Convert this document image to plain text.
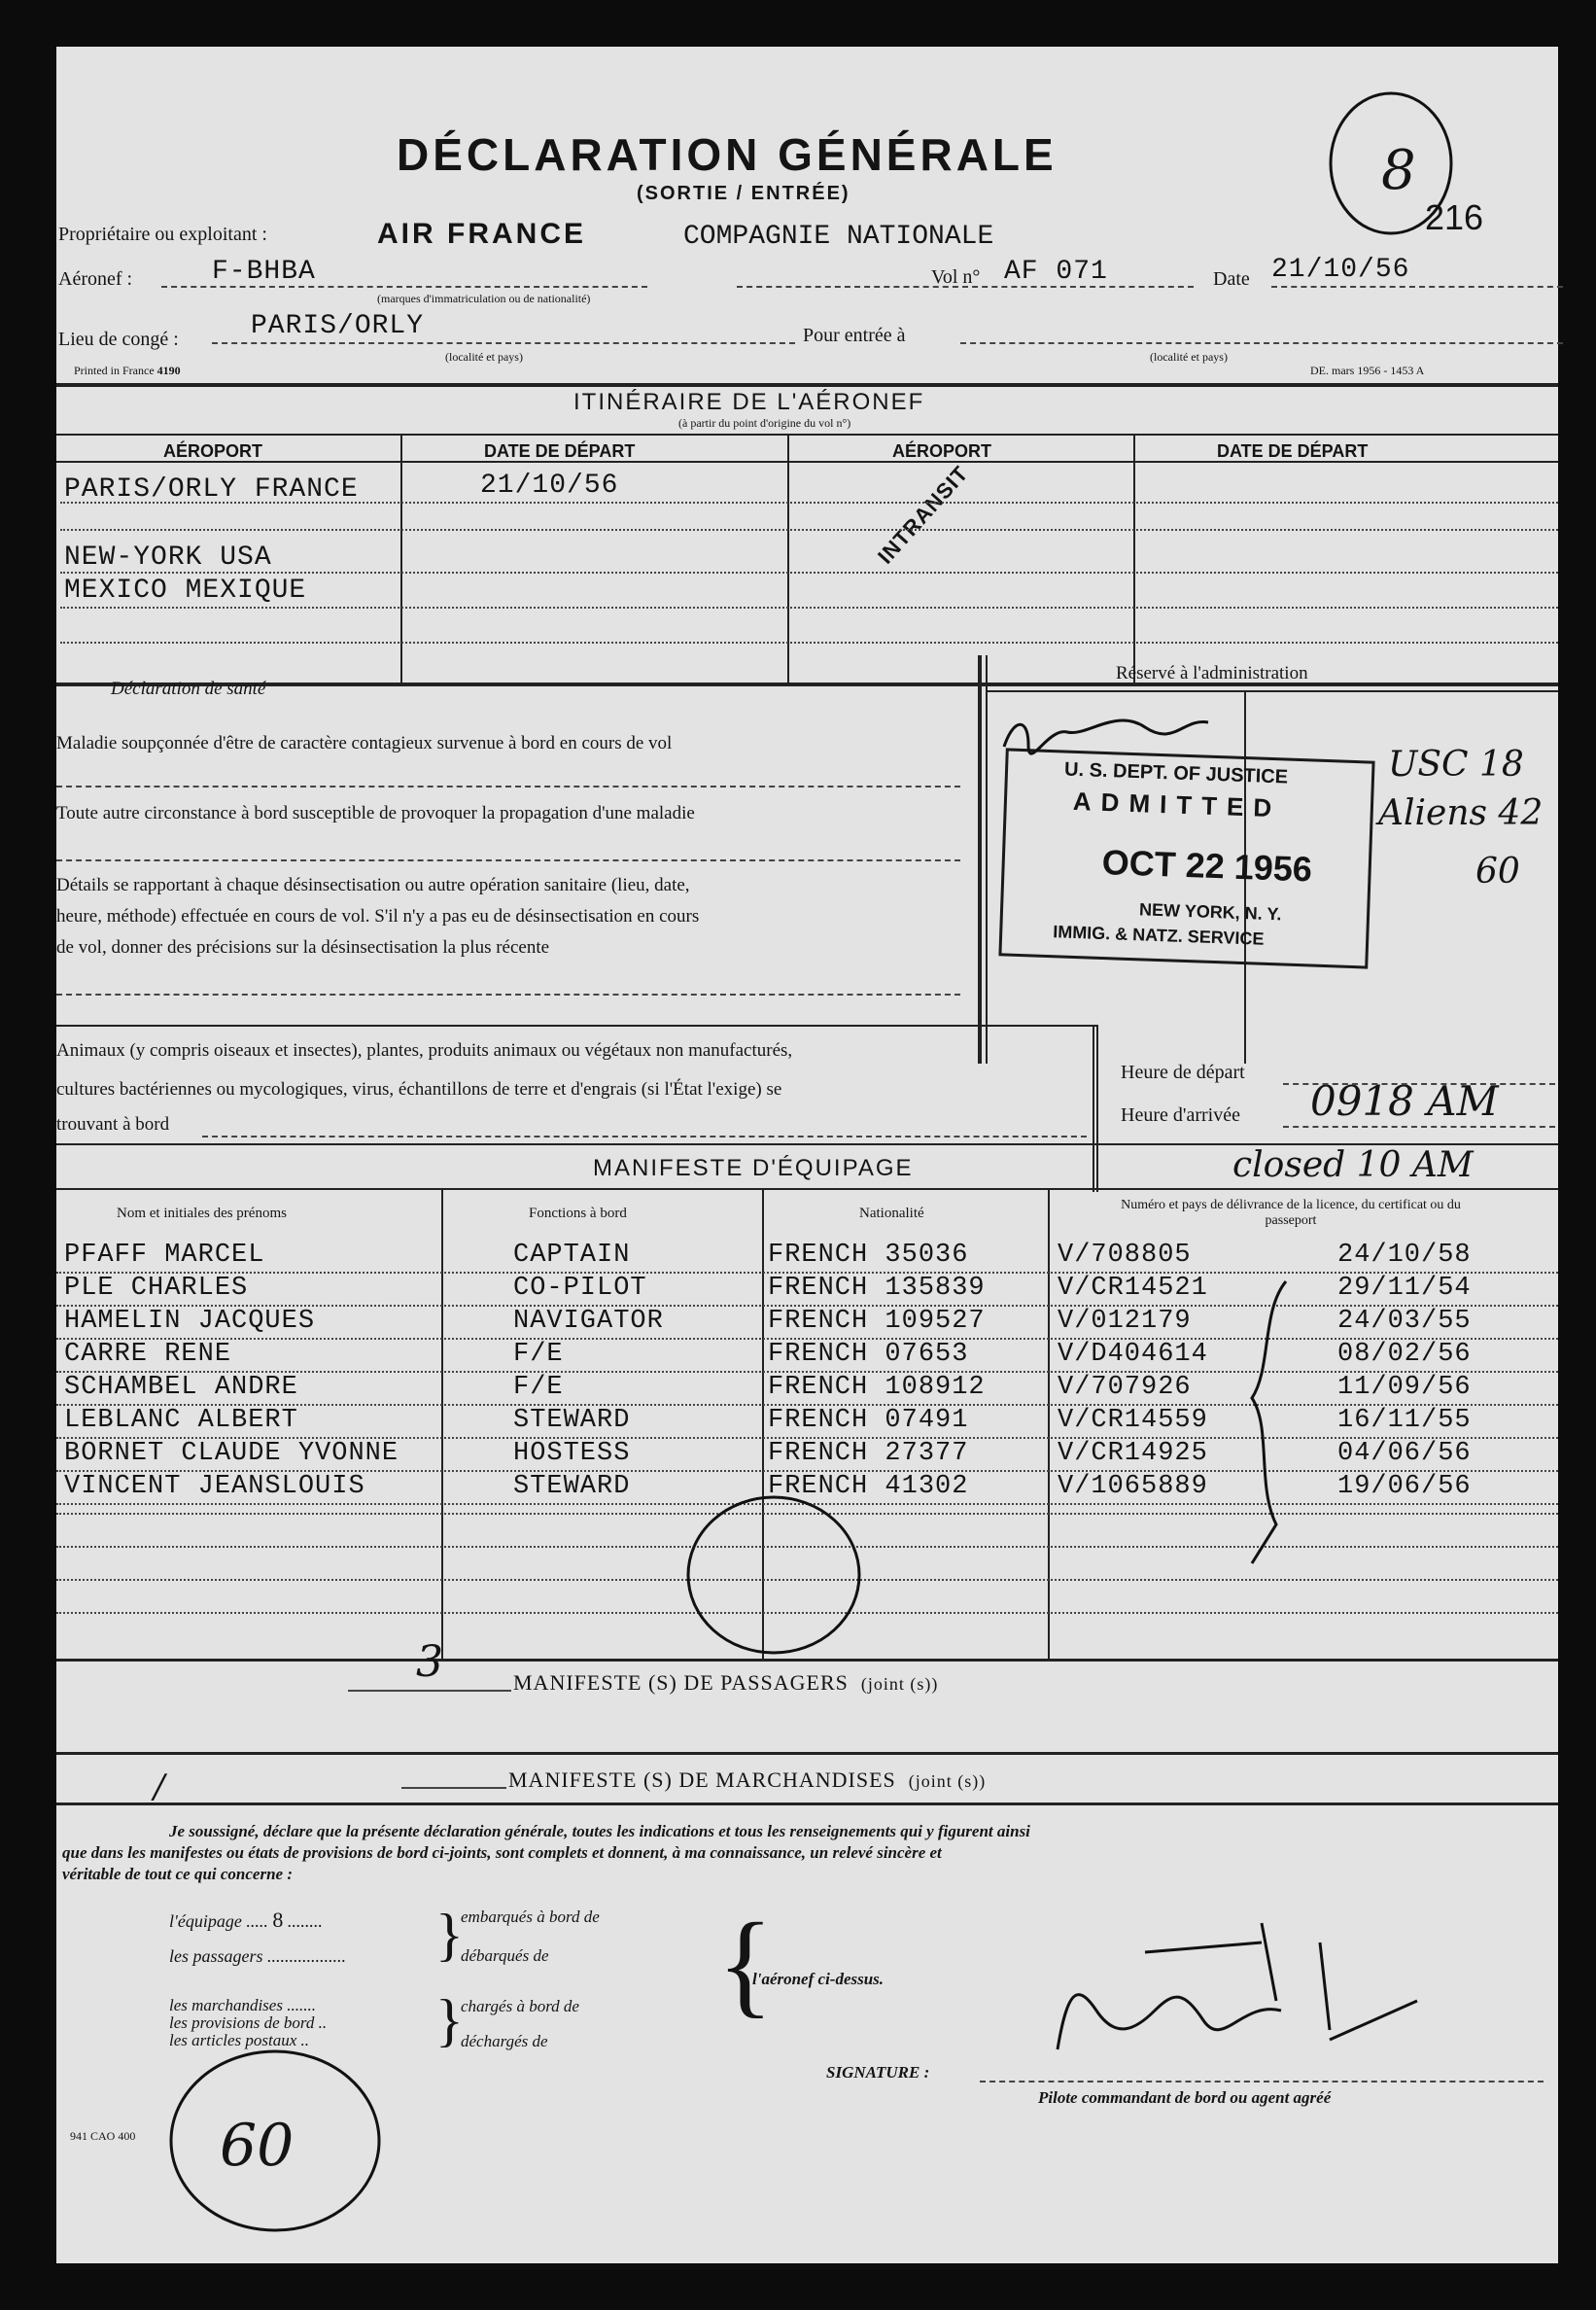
DÉCLARATION GÉNÉRALE
(SORTIE / ENTRÉE)	8
216
Propriétaire ou exploitant :	AIR FRANCE	COMPAGNIE NATIONALE
Aéronef :	F-BHBA
(marques d'immatriculation ou de nationalité)
Vol n° AF 071	Date 21/10/56
Lieu de congé :	PARIS/ORLY
(localité et pays)
Pour entrée à
(localité et pays)
Printed in France 4190	DE. mars 1956 - 1453 A
ITINÉRAIRE DE L'AÉRONEF
(à partir du point d'origine du vol n°)
AÉROPORT	DATE DE DÉPART	AÉROPORT	DATE DE DÉPART
PARIS/ORLY FRANCE	21/10/56
NEW-YORK USA
MEXICO MEXIQUE
INTRANSIT
Déclaration de santé
Maladie soupçonnée d'être de caractère contagieux survenue à bord en cours de vol
Toute autre circonstance à bord susceptible de provoquer la propagation d'une maladie
Détails se rapportant à chaque désinsectisation ou autre opération sanitaire (lieu, date,
heure, méthode) effectuée en cours de vol. S'il n'y a pas eu de désinsectisation en cours
de vol, donner des précisions sur la désinsectisation la plus récente
Réservé à l'administration
U. S. DEPT. OF JUSTICE
ADMITTED
OCT 22 1956
NEW YORK, N. Y.
IMMIG. & NATZ. SERVICE
USC 18
Aliens 42
60
Animaux (y compris oiseaux et insectes), plantes, produits animaux ou végétaux non manufacturés,
cultures bactériennes ou mycologiques, virus, échantillons de terre et d'engrais (si l'État l'exige) se
trouvant à bord
Heure de départ
Heure d'arrivée 0918 AM
MANIFESTE D'ÉQUIPAGE	closed 10 AM
Nom et initiales des prénoms	Fonctions à bord	Nationalité
Numéro et pays de délivrance de la licence, du certificat ou du passeport
PFAFF MARCEL	CAPTAIN	FRENCH 35036	V/708805	24/10/58
PLE CHARLES	CO-PILOT	FRENCH 135839	V/CR14521	29/11/54
HAMELIN JACQUES	NAVIGATOR	FRENCH 109527	V/012179	24/03/55
CARRE RENE	F/E	FRENCH 07653	V/D404614	08/02/56
SCHAMBEL ANDRE	F/E	FRENCH 108912	V/707926	11/09/56
LEBLANC ALBERT	STEWARD	FRENCH 07491	V/CR14559	16/11/55
BORNET CLAUDE YVONNE	HOSTESS	FRENCH 27377	V/CR14925	04/06/56
VINCENT JEANSLOUIS	STEWARD	FRENCH 41302	V/1065889	19/06/56
3	MANIFESTE (S) DE PASSAGERS (joint (s))
/	MANIFESTE (S) DE MARCHANDISES (joint (s))
Je soussigné, déclare que la présente déclaration générale, toutes les indications et tous les renseignements qui y figurent ainsi
que dans les manifestes ou états de provisions de bord ci-joints, sont complets et donnent, à ma connaissance, un relevé sincère et
véritable de tout ce qui concerne :
l'équipage ..... 8 ........
les passagers ..................
les marchandises .......
les provisions de bord ..
les articles postaux ..
}
}
embarqués à bord de
débarqués de
chargés à bord de
déchargés de
{
l'aéronef ci-dessus.
SIGNATURE :
Pilote commandant de bord ou agent agréé
941 CAO 400 60
